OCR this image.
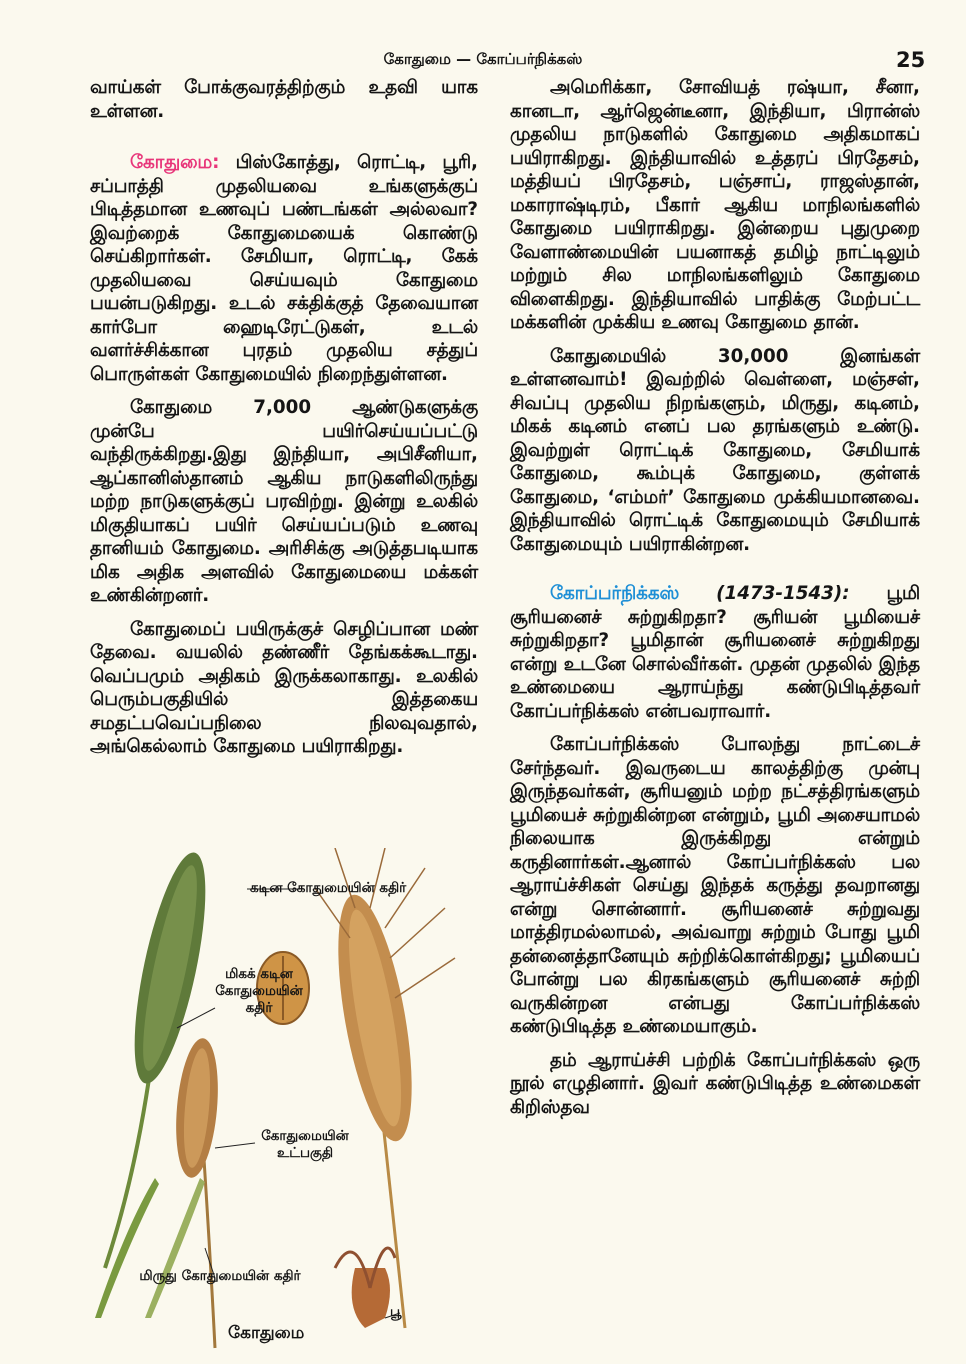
கோதுமை — கோப்பர்நிக்கஸ்	25

வாய்கள் போக்குவரத்திற்கும் உதவி யாக உள்ளன.

கோதுமை: பிஸ்கோத்து, ரொட்டி, பூரி, சப்பாத்தி முதலியவை உங்களுக்குப் பிடித்தமான உணவுப் பண்டங்கள் அல்லவா? இவற்றைக் கோதுமையைக் கொண்டு செய்கிறார்கள். சேமியா, ரொட்டி, கேக் முதலியவை செய்யவும் கோதுமை பயன்படுகிறது. உடல் சக்திக்குத் தேவையான கார்போ ஹைடிரேட்டுகள், உடல் வளர்ச்சிக்கான புரதம் முதலிய சத்துப் பொருள்கள் கோதுமையில் நிறைந்துள்ளன.

கோதுமை 7,000 ஆண்டுகளுக்கு முன்பே பயிர்செய்யப்பட்டு வந்திருக்கிறது.இது இந்தியா, அபிசீனியா, ஆப்கானிஸ்தானம் ஆகிய நாடுகளிலிருந்து மற்ற நாடுகளுக்குப் பரவிற்று. இன்று உலகில் மிகுதியாகப் பயிர் செய்யப்படும் உணவு தானியம் கோதுமை. அரிசிக்கு அடுத்தபடியாக மிக அதிக அளவில் கோதுமையை மக்கள் உண்கின்றனர்.

கோதுமைப் பயிருக்குச் செழிப்பான மண் தேவை. வயலில் தண்ணீர் தேங்கக்கூடாது. வெப்பமும் அதிகம் இருக்கலாகாது. உலகில் பெரும்பகுதியில் இத்தகைய சமதட்பவெப்பநிலை நிலவுவதால், அங்கெல்லாம் கோதுமை பயிராகிறது.

கடின கோதுமையின் கதிர்
மிகக் கடின கோதுமையின் கதிர்
கோதுமையின் உட்பகுதி
மிருது கோதுமையின் கதிர்
பூ
கோதுமை

அமெரிக்கா, சோவியத் ரஷ்யா, சீனா, கானடா, ஆர்ஜென்டீனா, இந்தியா, பிரான்ஸ் முதலிய நாடுகளில் கோதுமை அதிகமாகப் பயிராகிறது. இந்தியாவில் உத்தரப் பிரதேசம், மத்தியப் பிரதேசம், பஞ்சாப், ராஜஸ்தான், மகாராஷ்டிரம், பீகார் ஆகிய மாநிலங்களில் கோதுமை பயிராகிறது. இன்றைய புதுமுறை வேளாண்மையின் பயனாகத் தமிழ் நாட்டிலும் மற்றும் சில மாநிலங்களிலும் கோதுமை விளைகிறது. இந்தியாவில் பாதிக்கு மேற்பட்ட மக்களின் முக்கிய உணவு கோதுமை தான்.

கோதுமையில் 30,000 இனங்கள் உள்ளனவாம்! இவற்றில் வெள்ளை, மஞ்சள், சிவப்பு முதலிய நிறங்களும், மிருது, கடினம், மிகக் கடினம் எனப் பல தரங்களும் உண்டு. இவற்றுள் ரொட்டிக் கோதுமை, சேமியாக் கோதுமை, கூம்புக் கோதுமை, குள்ளக் கோதுமை, ‘எம்மர்’ கோதுமை முக்கியமானவை. இந்தியாவில் ரொட்டிக் கோதுமையும் சேமியாக் கோதுமையும் பயிராகின்றன.

கோப்பர்நிக்கஸ் (1473-1543): பூமி சூரியனைச் சுற்றுகிறதா? சூரியன் பூமியைச் சுற்றுகிறதா? பூமிதான் சூரியனைச் சுற்றுகிறது என்று உடனே சொல்வீர்கள். முதன் முதலில் இந்த உண்மையை ஆராய்ந்து கண்டுபிடித்தவர் கோப்பர்நிக்கஸ் என்பவராவார்.

கோப்பர்நிக்கஸ் போலந்து நாட்டைச் சேர்ந்தவர். இவருடைய காலத்திற்கு முன்பு இருந்தவர்கள், சூரியனும் மற்ற நட்சத்திரங்களும் பூமியைச் சுற்றுகின்றன என்றும், பூமி அசையாமல் நிலையாக இருக்கிறது என்றும் கருதினார்கள்.ஆனால் கோப்பர்நிக்கஸ் பல ஆராய்ச்சிகள் செய்து இந்தக் கருத்து தவறானது என்று சொன்னார். சூரியனைச் சுற்றுவது மாத்திரமல்லாமல், அவ்வாறு சுற்றும் போது பூமி தன்னைத்தானேயும் சுற்றிக்கொள்கிறது; பூமியைப் போன்று பல கிரகங்களும் சூரியனைச் சுற்றி வருகின்றன என்பது கோப்பர்நிக்கஸ் கண்டுபிடித்த உண்மையாகும்.

தம் ஆராய்ச்சி பற்றிக் கோப்பர்நிக்கஸ் ஒரு நூல் எழுதினார். இவர் கண்டுபிடித்த உண்மைகள் கிறிஸ்தவ
